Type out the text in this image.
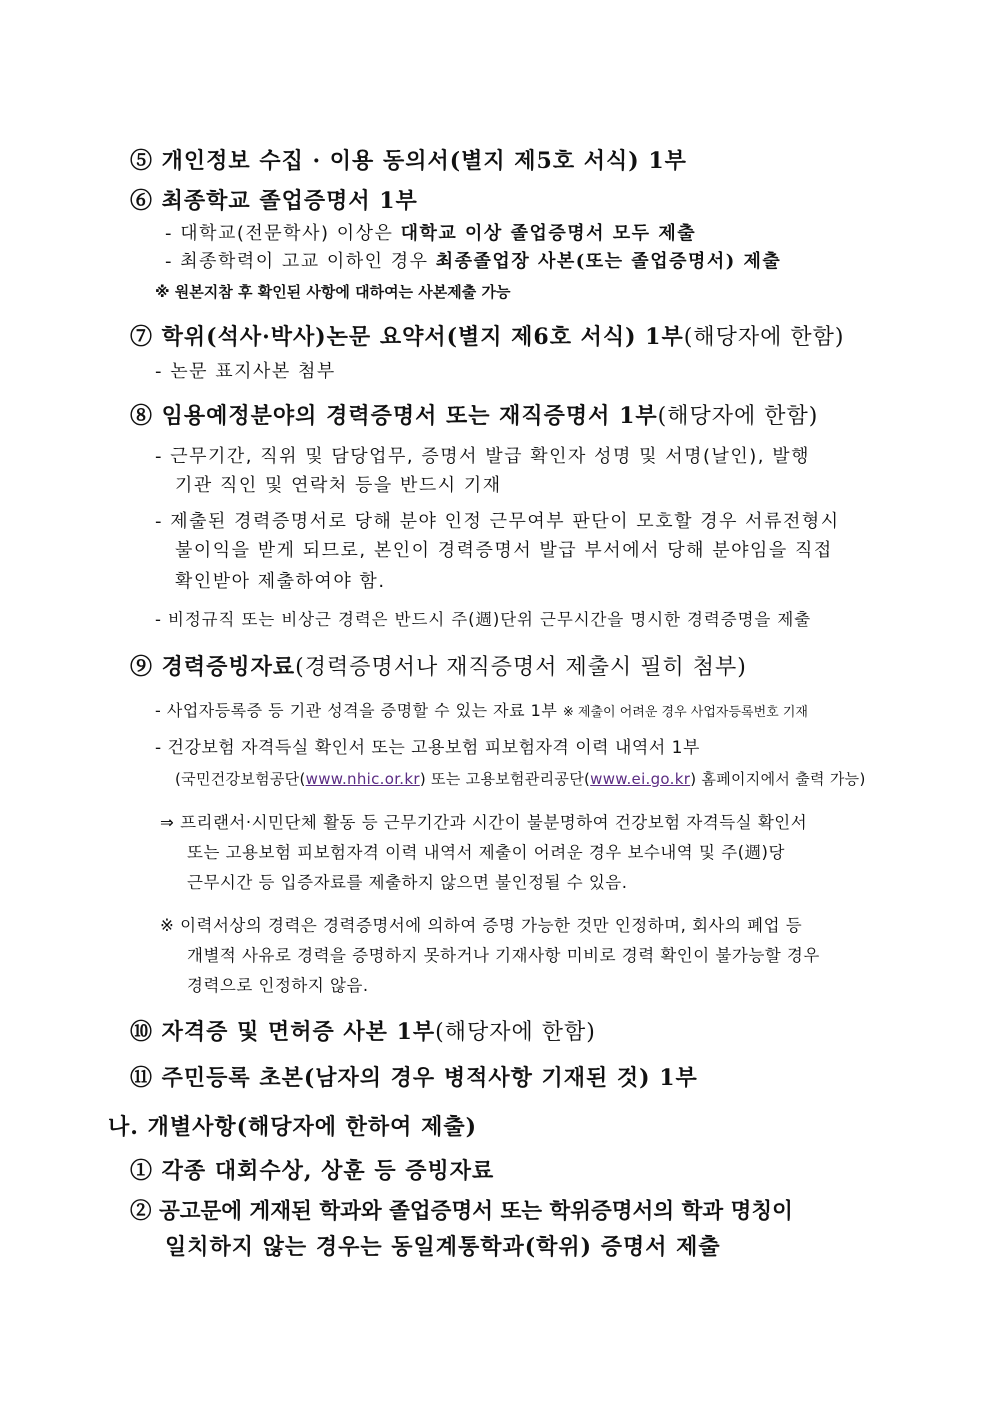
⑤ 개인정보 수집 · 이용 동의서(별지 제5호 서식) 1부
⑥ 최종학교 졸업증명서 1부
- 대학교(전문학사) 이상은 대학교 이상 졸업증명서 모두 제출
- 최종학력이 고교 이하인 경우 최종졸업장 사본(또는 졸업증명서) 제출
※ 원본지참 후 확인된 사항에 대하여는 사본제출 가능
⑦ 학위(석사·박사)논문 요약서(별지 제6호 서식) 1부(해당자에 한함)
- 논문 표지사본 첨부
⑧ 임용예정분야의 경력증명서 또는 재직증명서 1부(해당자에 한함)
- 근무기간, 직위 및 담당업무, 증명서 발급 확인자 성명 및 서명(날인), 발행
기관 직인 및 연락처 등을 반드시 기재
- 제출된 경력증명서로 당해 분야 인정 근무여부 판단이 모호할 경우 서류전형시
불이익을 받게 되므로, 본인이 경력증명서 발급 부서에서 당해 분야임을 직접
확인받아 제출하여야 함.
- 비정규직 또는 비상근 경력은 반드시 주(週)단위 근무시간을 명시한 경력증명을 제출
⑨ 경력증빙자료(경력증명서나 재직증명서 제출시 필히 첨부)
- 사업자등록증 등 기관 성격을 증명할 수 있는 자료 1부 ※ 제출이 어려운 경우 사업자등록번호 기재
- 건강보험 자격득실 확인서 또는 고용보험 피보험자격 이력 내역서 1부
(국민건강보험공단(www.nhic.or.kr) 또는 고용보험관리공단(www.ei.go.kr) 홈페이지에서 출력 가능)
⇒ 프리랜서·시민단체 활동 등 근무기간과 시간이 불분명하여 건강보험 자격득실 확인서
또는 고용보험 피보험자격 이력 내역서 제출이 어려운 경우 보수내역 및 주(週)당
근무시간 등 입증자료를 제출하지 않으면 불인정될 수 있음.
※ 이력서상의 경력은 경력증명서에 의하여 증명 가능한 것만 인정하며, 회사의 폐업 등
개별적 사유로 경력을 증명하지 못하거나 기재사항 미비로 경력 확인이 불가능할 경우
경력으로 인정하지 않음.
⑩ 자격증 및 면허증 사본 1부(해당자에 한함)
⑪ 주민등록 초본(남자의 경우 병적사항 기재된 것) 1부
나. 개별사항(해당자에 한하여 제출)
① 각종 대회수상, 상훈 등 증빙자료
② 공고문에 게재된 학과와 졸업증명서 또는 학위증명서의 학과 명칭이
일치하지 않는 경우는 동일계통학과(학위) 증명서 제출
